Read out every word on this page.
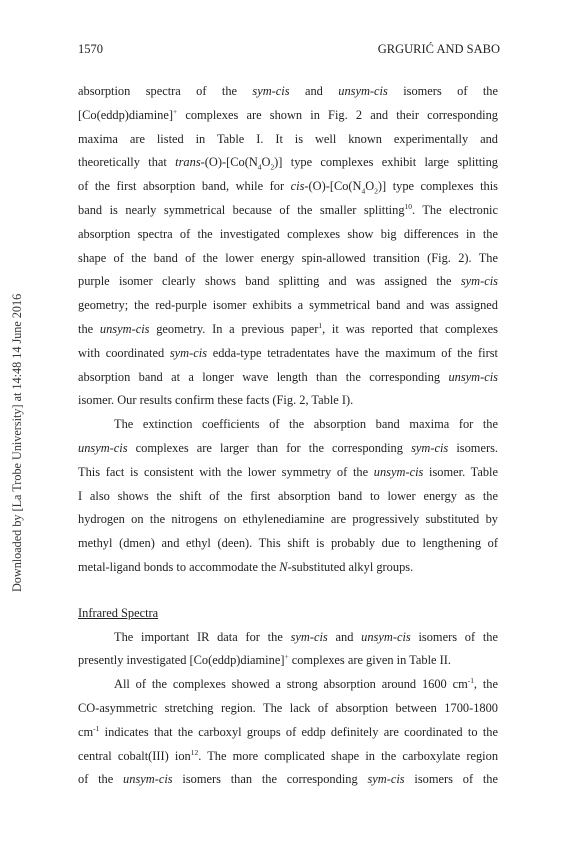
1570	GRGURIĆ AND SABO
Downloaded by [La Trobe University] at 14:48 14 June 2016
absorption spectra of the sym-cis and unsym-cis isomers of the
[Co(eddp)diamine]+ complexes are shown in Fig. 2 and their corresponding
maxima are listed in Table I. It is well known experimentally and
theoretically that trans-$(O)-[Co(N_4O_2)]$ type complexes exhibit large splitting
of the first absorption band, while for cis-$(O)-[Co(N_4O_2)]$ type complexes this
band is nearly symmetrical because of the smaller splitting$^{10}$. The electronic
absorption spectra of the investigated complexes show big differences in the
shape of the band of the lower energy spin-allowed transition (Fig. 2). The
purple isomer clearly shows band splitting and was assigned the sym-cis
geometry; the red-purple isomer exhibits a symmetrical band and was assigned
the unsym-cis geometry. In a previous paper$^1$, it was reported that complexes
with coordinated sym-cis edda-type tetradentates have the maximum of the first
absorption band at a longer wave length than the corresponding unsym-cis
isomer. Our results confirm these facts (Fig. 2, Table I).
The extinction coefficients of the absorption band maxima for the
unsym-cis complexes are larger than for the corresponding sym-cis isomers.
This fact is consistent with the lower symmetry of the unsym-cis isomer. Table
I also shows the shift of the first absorption band to lower energy as the
hydrogen on the nitrogens on ethylenediamine are progressively substituted by
methyl (dmen) and ethyl (deen). This shift is probably due to lengthening of
metal-ligand bonds to accommodate the N-substituted alkyl groups.
Infrared Spectra
The important IR data for the sym-cis and unsym-cis isomers of the
presently investigated [Co(eddp)diamine]+ complexes are given in Table II.
All of the complexes showed a strong absorption around 1600 $cm^{-1}$, the
CO-asymmetric stretching region. The lack of absorption between 1700-1800
$cm^{-1}$ indicates that the carboxyl groups of eddp definitely are coordinated to the
central cobalt(III) ion$^{12}$. The more complicated shape in the carboxylate region
of the unsym-cis isomers than the corresponding sym-cis isomers of the
